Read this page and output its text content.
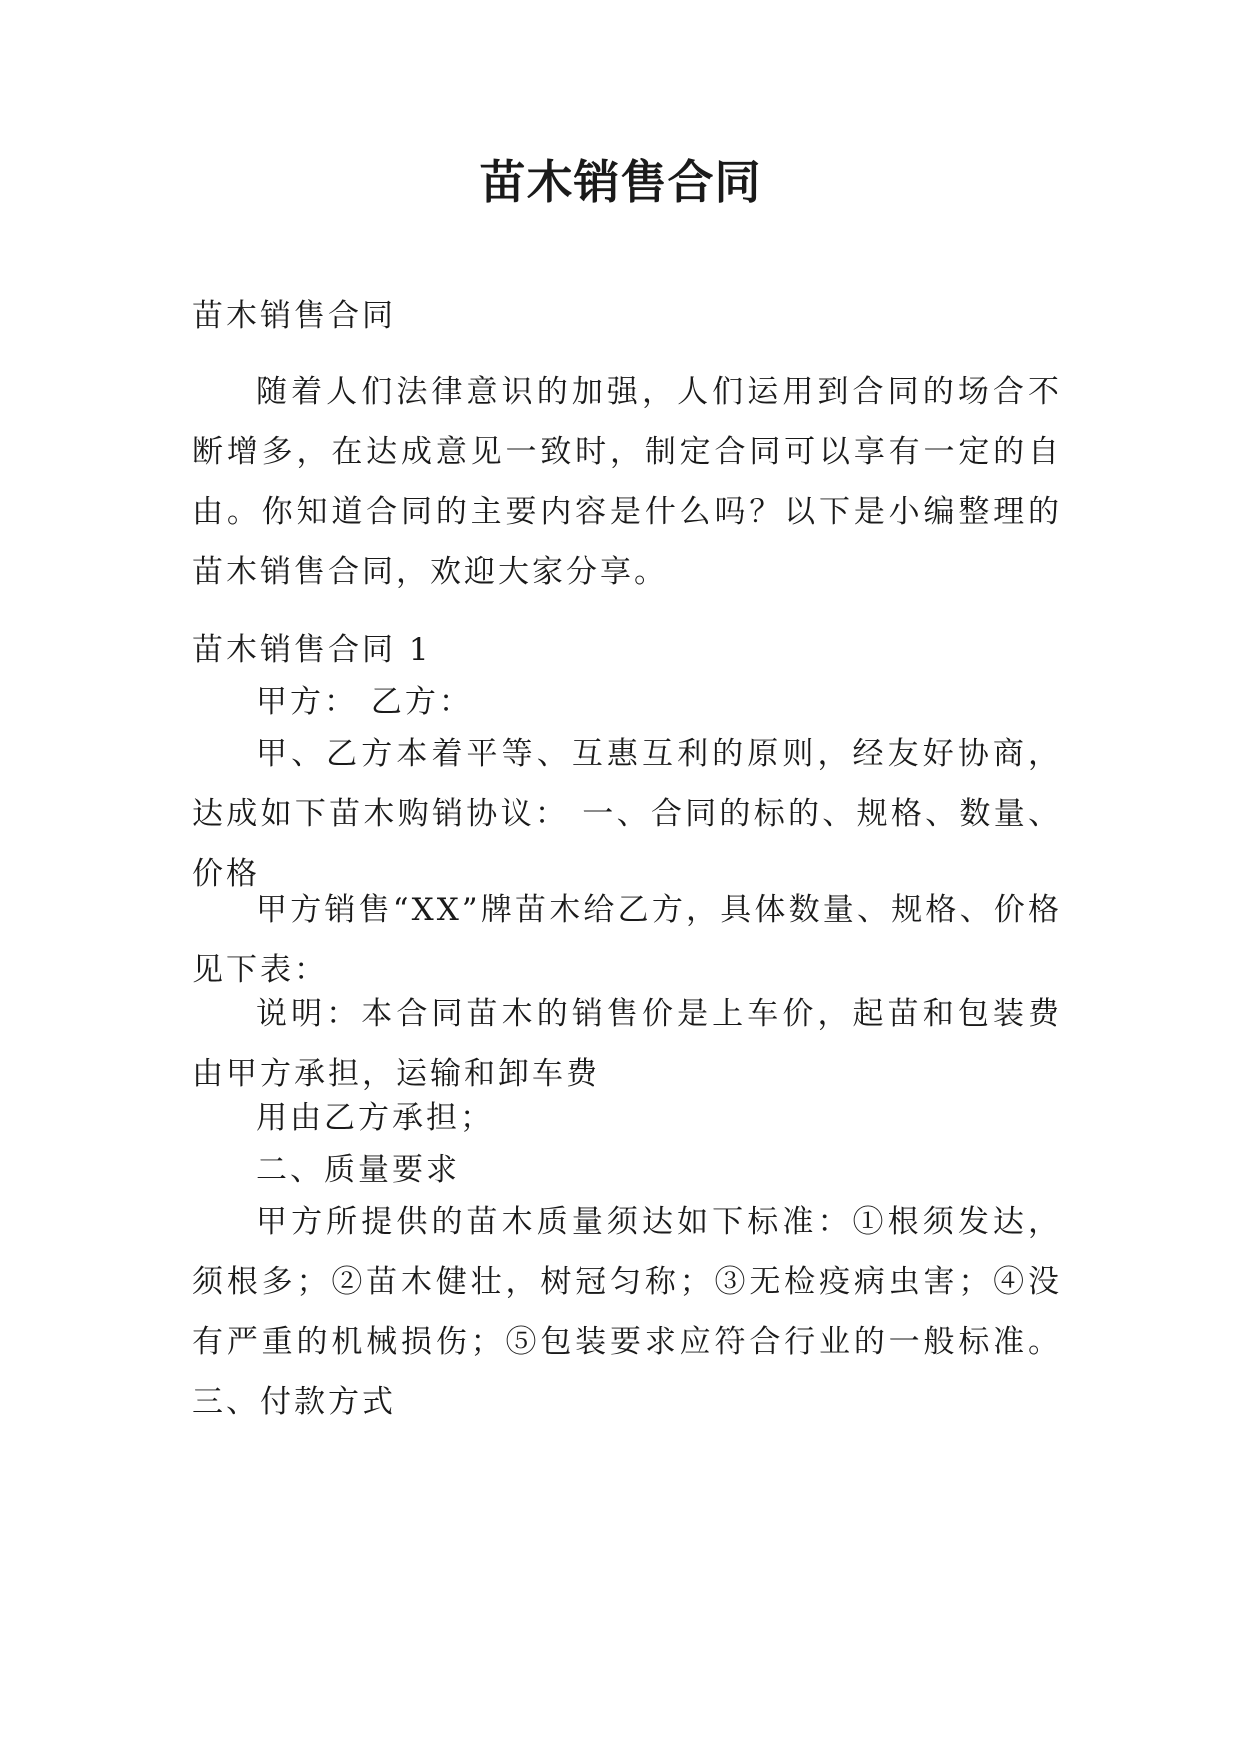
苗木销售合同

苗木销售合同

随着人们法律意识的加强，人们运用到合同的场合不断增多，在达成意见一致时，制定合同可以享有一定的自由。你知道合同的主要内容是什么吗？以下是小编整理的苗木销售合同，欢迎大家分享。

苗木销售合同 1

甲方： 乙方：

甲、乙方本着平等、互惠互利的原则，经友好协商，达成如下苗木购销协议： 一、合同的标的、规格、数量、价格

甲方销售“XX”牌苗木给乙方，具体数量、规格、价格见下表：

说明：本合同苗木的销售价是上车价，起苗和包装费由甲方承担，运输和卸车费

用由乙方承担；

二、质量要求

甲方所提供的苗木质量须达如下标准：①根须发达，须根多；②苗木健壮，树冠匀称；③无检疫病虫害；④没有严重的机械损伤；⑤包装要求应符合行业的一般标准。 三、付款方式
